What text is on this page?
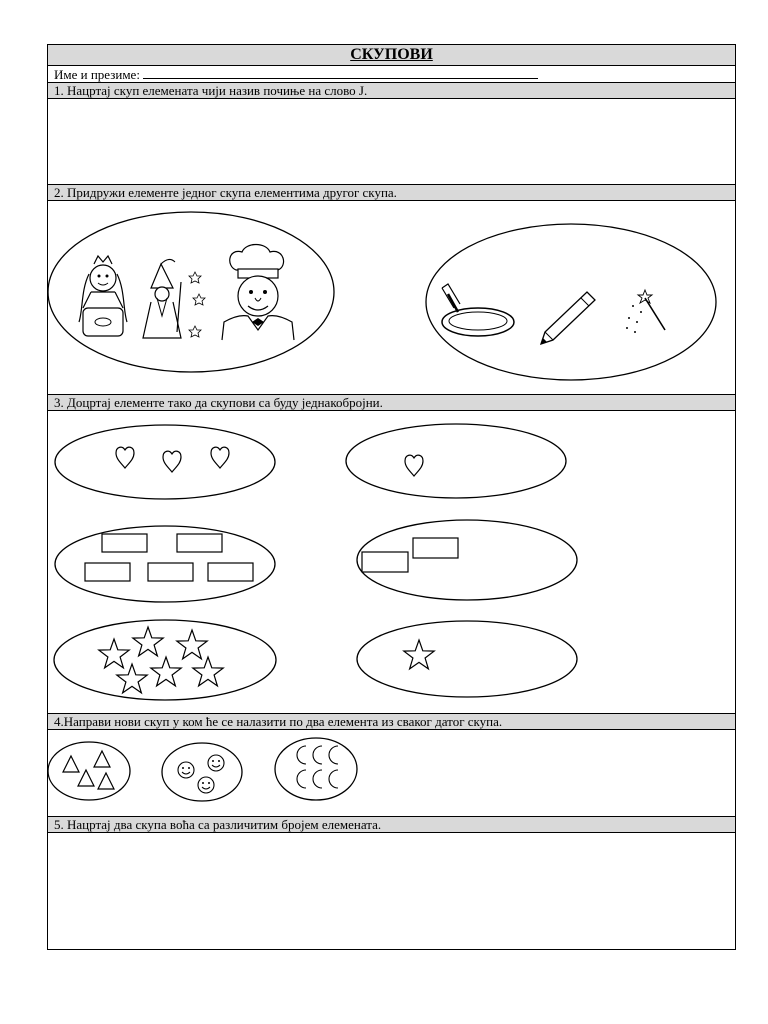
СКУПОВИ
Име и презиме:
1. Нацртај скуп елемената чији назив почиње на слово Ј.
2. Придружи елементе једног скупа елементима другог скупа.
3. Доцртај елементе тако да скупови са буду једнакобројни.
4.Направи нови скуп у ком ће се налазити по два елемента из сваког датог скупа.
5. Нацртај два скупа воћа са различитим бројем елемената.
